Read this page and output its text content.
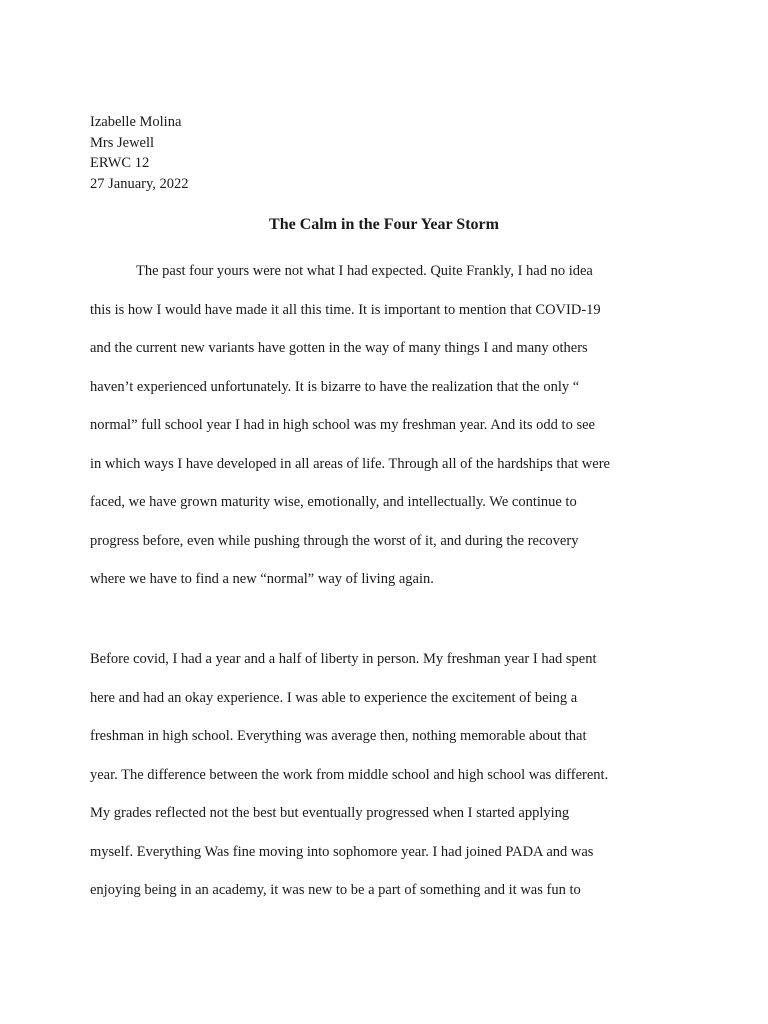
Izabelle Molina
Mrs Jewell
ERWC 12
27 January, 2022
The Calm in the Four Year Storm
The past four yours were not what I had expected. Quite Frankly, I had no idea
this is how I would have made it all this time. It is important to mention that COVID-19
and the current new variants have gotten in the way of many things I and many others
haven’t experienced unfortunately. It is bizarre to have the realization that the only “
normal” full school year I had in high school was my freshman year. And its odd to see
in which ways I have developed in all areas of life. Through all of the hardships that were
faced, we have grown maturity wise, emotionally, and intellectually. We continue to
progress before, even while pushing through the worst of it, and during the recovery
where we have to find a new “normal” way of living again.
Before covid, I had a year and a half of liberty in person. My freshman year I had spent
here and had an okay experience. I was able to experience the excitement of being a
freshman in high school. Everything was average then, nothing memorable about that
year. The difference between the work from middle school and high school was different.
My grades reflected not the best but eventually progressed when I started applying
myself. Everything Was fine moving into sophomore year. I had joined PADA and was
enjoying being in an academy, it was new to be a part of something and it was fun to
